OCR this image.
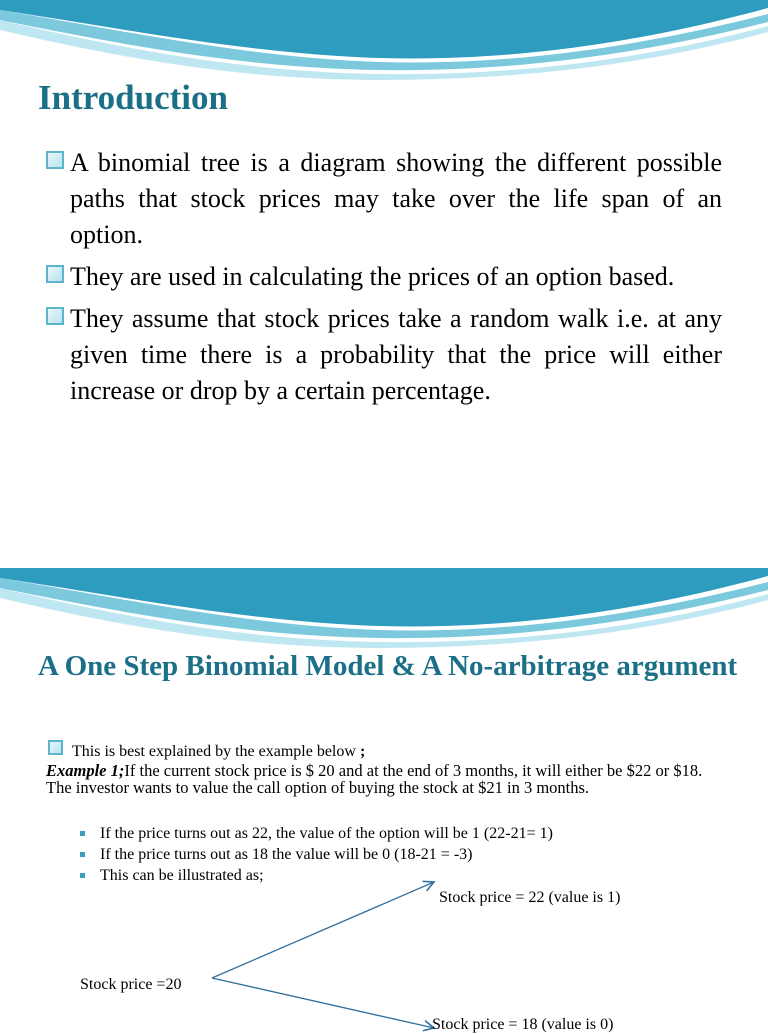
Introduction

A binomial tree is a diagram showing the different possible paths that stock prices may take over the life span of an option.

They are used in calculating the prices of an option based.

They assume that stock prices take a random walk i.e. at any given time there is a probability that the price will either increase or drop by a certain percentage.

A One Step Binomial Model & A No-arbitrage argument
This is best explained by the example below ;
Example 1;If the current stock price is $ 20 and at the end of 3 months, it will either be $22 or $18. The investor wants to value the call option of buying the stock at $21 in 3 months.
If the price turns out as 22, the value of the option will be 1 (22-21= 1)
If the price turns out as 18 the value will be 0 (18-21 = -3)
This can be illustrated as;
Stock price = 22 (value is 1)
Stock price =20
Stock price = 18 (value is 0)
